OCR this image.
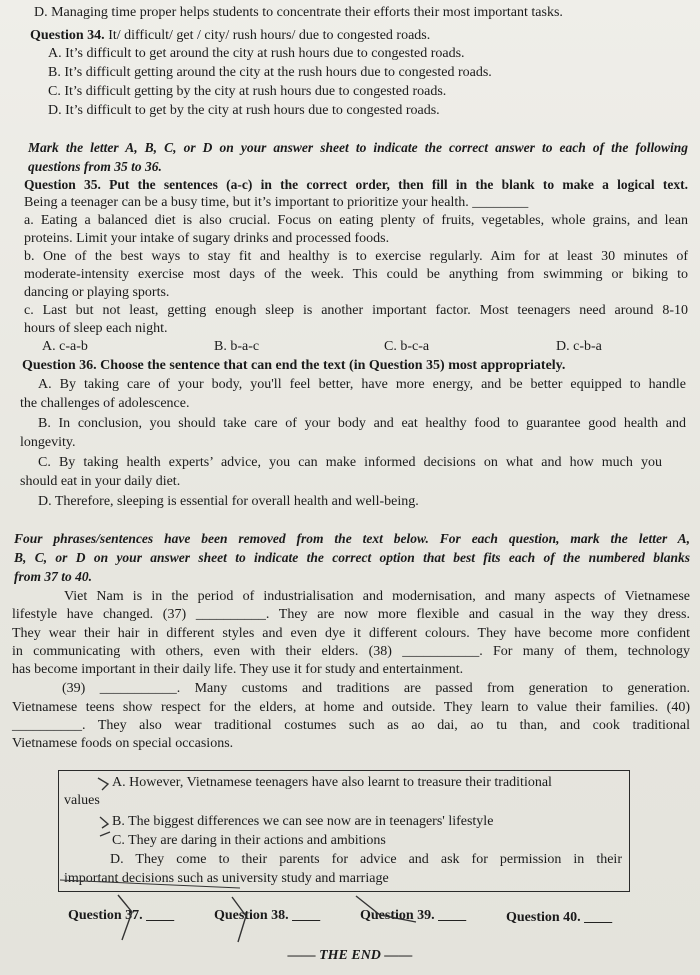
D. Managing time proper helps students to concentrate their efforts their most important tasks.
Question 34. It/ difficult/ get / city/ rush hours/ due to congested roads.
A. It’s difficult to get around the city at rush hours due to congested roads.
B. It’s difficult getting around the city at the rush hours due to congested roads.
C. It’s difficult getting by the city at rush hours due to congested roads.
D. It’s difficult to get by the city at rush hours due to congested roads.
Mark the letter A, B, C, or D on your answer sheet to indicate the correct answer to each of the following
questions from 35 to 36.
Question 35. Put the sentences (a-c) in the correct order, then fill in the blank to make a logical text.
Being a teenager can be a busy time, but it’s important to prioritize your health. ________
a. Eating a balanced diet is also crucial. Focus on eating plenty of fruits, vegetables, whole grains, and lean
proteins. Limit your intake of sugary drinks and processed foods.
b. One of the best ways to stay fit and healthy is to exercise regularly. Aim for at least 30 minutes of
moderate-intensity exercise most days of the week. This could be anything from swimming or biking to
dancing or playing sports.
c. Last but not least, getting enough sleep is another important factor. Most teenagers need around 8-10
hours of sleep each night.
A. c-a-b	B. b-a-c	C. b-c-a	D. c-b-a
Question 36. Choose the sentence that can end the text (in Question 35) most appropriately.
A. By taking care of your body, you'll feel better, have more energy, and be better equipped to handle
the challenges of adolescence.
B. In conclusion, you should take care of your body and eat healthy food to guarantee good health and
longevity.
C. By taking health experts’ advice, you can make informed decisions on what and how much you
should eat in your daily diet.
D. Therefore, sleeping is essential for overall health and well-being.
Four phrases/sentences have been removed from the text below. For each question, mark the letter A,
B, C, or D on your answer sheet to indicate the correct option that best fits each of the numbered blanks
from 37 to 40.
Viet Nam is in the period of industrialisation and modernisation, and many aspects of Vietnamese
lifestyle have changed. (37) __________. They are now more flexible and casual in the way they dress.
They wear their hair in different styles and even dye it different colours. They have become more confident
in communicating with others, even with their elders. (38) ___________. For many of them, technology
has become important in their daily life. They use it for study and entertainment.
(39) ___________. Many customs and traditions are passed from generation to generation.
Vietnamese teens show respect for the elders, at home and outside. They learn to value their families. (40)
__________. They also wear traditional costumes such as ao dai, ao tu than, and cook traditional
Vietnamese foods on special occasions.
A. However, Vietnamese teenagers have also learnt to treasure their traditional
values
B. The biggest differences we can see now are in teenagers' lifestyle
C. They are daring in their actions and ambitions
D. They come to their parents for advice and ask for permission in their
important decisions such as university study and marriage
Question 37. ____	Question 38. ____	Question 39. ____	Question 40. ____
—— THE END ——
